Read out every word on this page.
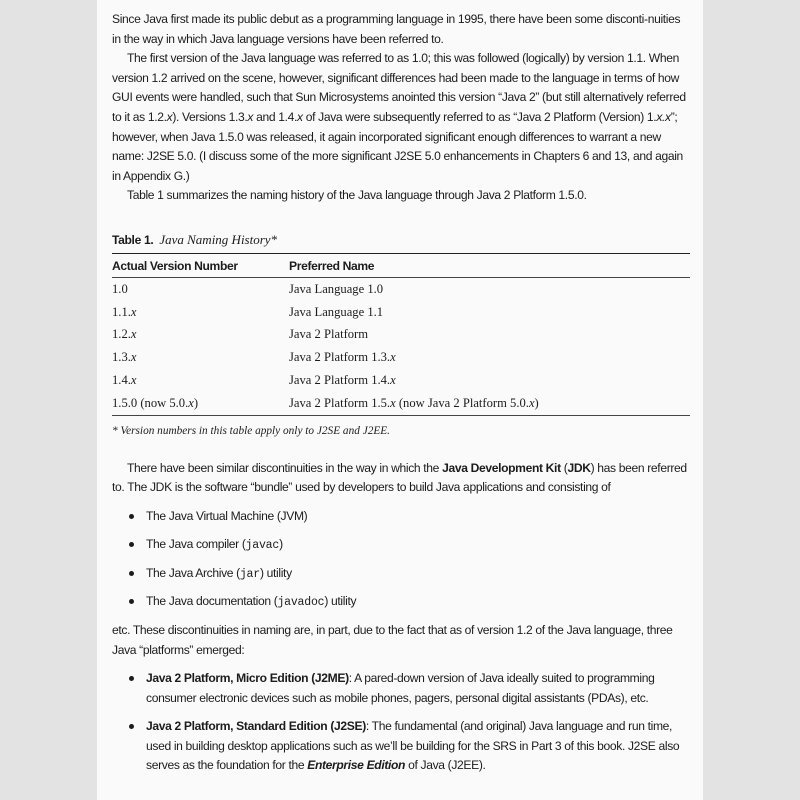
Since Java first made its public debut as a programming language in 1995, there have been some disconti-nuities in the way in which Java language versions have been referred to.

The first version of the Java language was referred to as 1.0; this was followed (logically) by version 1.1. When version 1.2 arrived on the scene, however, significant differences had been made to the language in terms of how GUI events were handled, such that Sun Microsystems anointed this version “Java 2” (but still alternatively referred to it as 1.2.x). Versions 1.3.x and 1.4.x of Java were subsequently referred to as “Java 2 Platform (Version) 1.x.x”; however, when Java 1.5.0 was released, it again incorporated significant enough differences to warrant a new name: J2SE 5.0. (I discuss some of the more significant J2SE 5.0 enhancements in Chapters 6 and 13, and again in Appendix G.)

Table 1 summarizes the naming history of the Java language through Java 2 Platform 1.5.0.

Table 1. Java Naming History*
Actual Version Number	Preferred Name
1.0	Java Language 1.0
1.1.x	Java Language 1.1
1.2.x	Java 2 Platform
1.3.x	Java 2 Platform 1.3.x
1.4.x	Java 2 Platform 1.4.x
1.5.0 (now 5.0.x)	Java 2 Platform 1.5.x (now Java 2 Platform 5.0.x)
* Version numbers in this table apply only to J2SE and J2EE.

There have been similar discontinuities in the way in which the Java Development Kit (JDK) has been referred to. The JDK is the software “bundle” used by developers to build Java applications and consisting of

The Java Virtual Machine (JVM)
The Java compiler (javac)
The Java Archive (jar) utility
The Java documentation (javadoc) utility

etc. These discontinuities in naming are, in part, due to the fact that as of version 1.2 of the Java language, three Java “platforms” emerged:

Java 2 Platform, Micro Edition (J2ME): A pared-down version of Java ideally suited to programming consumer electronic devices such as mobile phones, pagers, personal digital assistants (PDAs), etc.
Java 2 Platform, Standard Edition (J2SE): The fundamental (and original) Java language and run time, used in building desktop applications such as we’ll be building for the SRS in Part 3 of this book. J2SE also serves as the foundation for the Enterprise Edition of Java (J2EE).
